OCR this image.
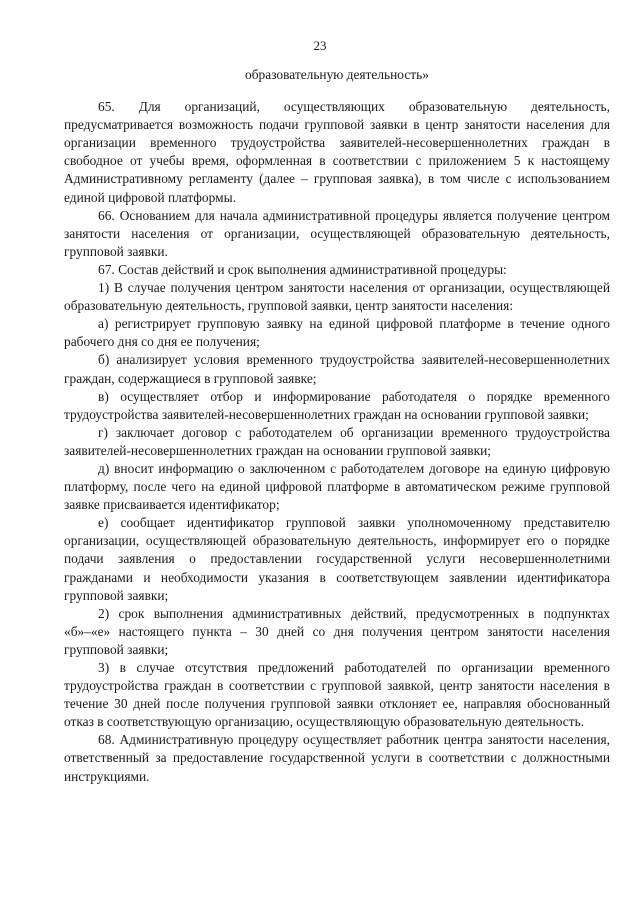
23

образовательную деятельность»

65. Для организаций, осуществляющих образовательную деятельность, предусматривается возможность подачи групповой заявки в центр занятости населения для организации временного трудоустройства заявителей-несовершеннолетних граждан в свободное от учебы время, оформленная в соответствии с приложением 5 к настоящему Административному регламенту (далее – групповая заявка), в том числе с использованием единой цифровой платформы.

66. Основанием для начала административной процедуры является получение центром занятости населения от организации, осуществляющей образовательную деятельность, групповой заявки.

67. Состав действий и срок выполнения административной процедуры:

1) В случае получения центром занятости населения от организации, осуществляющей образовательную деятельность, групповой заявки, центр занятости населения:

а) регистрирует групповую заявку на единой цифровой платформе в течение одного рабочего дня со дня ее получения;

б) анализирует условия временного трудоустройства заявителей-несовершеннолетних граждан, содержащиеся в групповой заявке;

в) осуществляет отбор и информирование работодателя о порядке временного трудоустройства заявителей-несовершеннолетних граждан на основании групповой заявки;

г) заключает договор с работодателем об организации временного трудоустройства заявителей-несовершеннолетних граждан на основании групповой заявки;

д) вносит информацию о заключенном с работодателем договоре на единую цифровую платформу, после чего на единой цифровой платформе в автоматическом режиме групповой заявке присваивается идентификатор;

е) сообщает идентификатор групповой заявки уполномоченному представителю организации, осуществляющей образовательную деятельность, информирует его о порядке подачи заявления о предоставлении государственной услуги несовершеннолетними гражданами и необходимости указания в соответствующем заявлении идентификатора групповой заявки;

2) срок выполнения административных действий, предусмотренных в подпунктах «б»–«е» настоящего пункта – 30 дней со дня получения центром занятости населения групповой заявки;

3) в случае отсутствия предложений работодателей по организации временного трудоустройства граждан в соответствии с групповой заявкой, центр занятости населения в течение 30 дней после получения групповой заявки отклоняет ее, направляя обоснованный отказ в соответствующую организацию, осуществляющую образовательную деятельность.

68. Административную процедуру осуществляет работник центра занятости населения, ответственный за предоставление государственной услуги в соответствии с должностными инструкциями.
